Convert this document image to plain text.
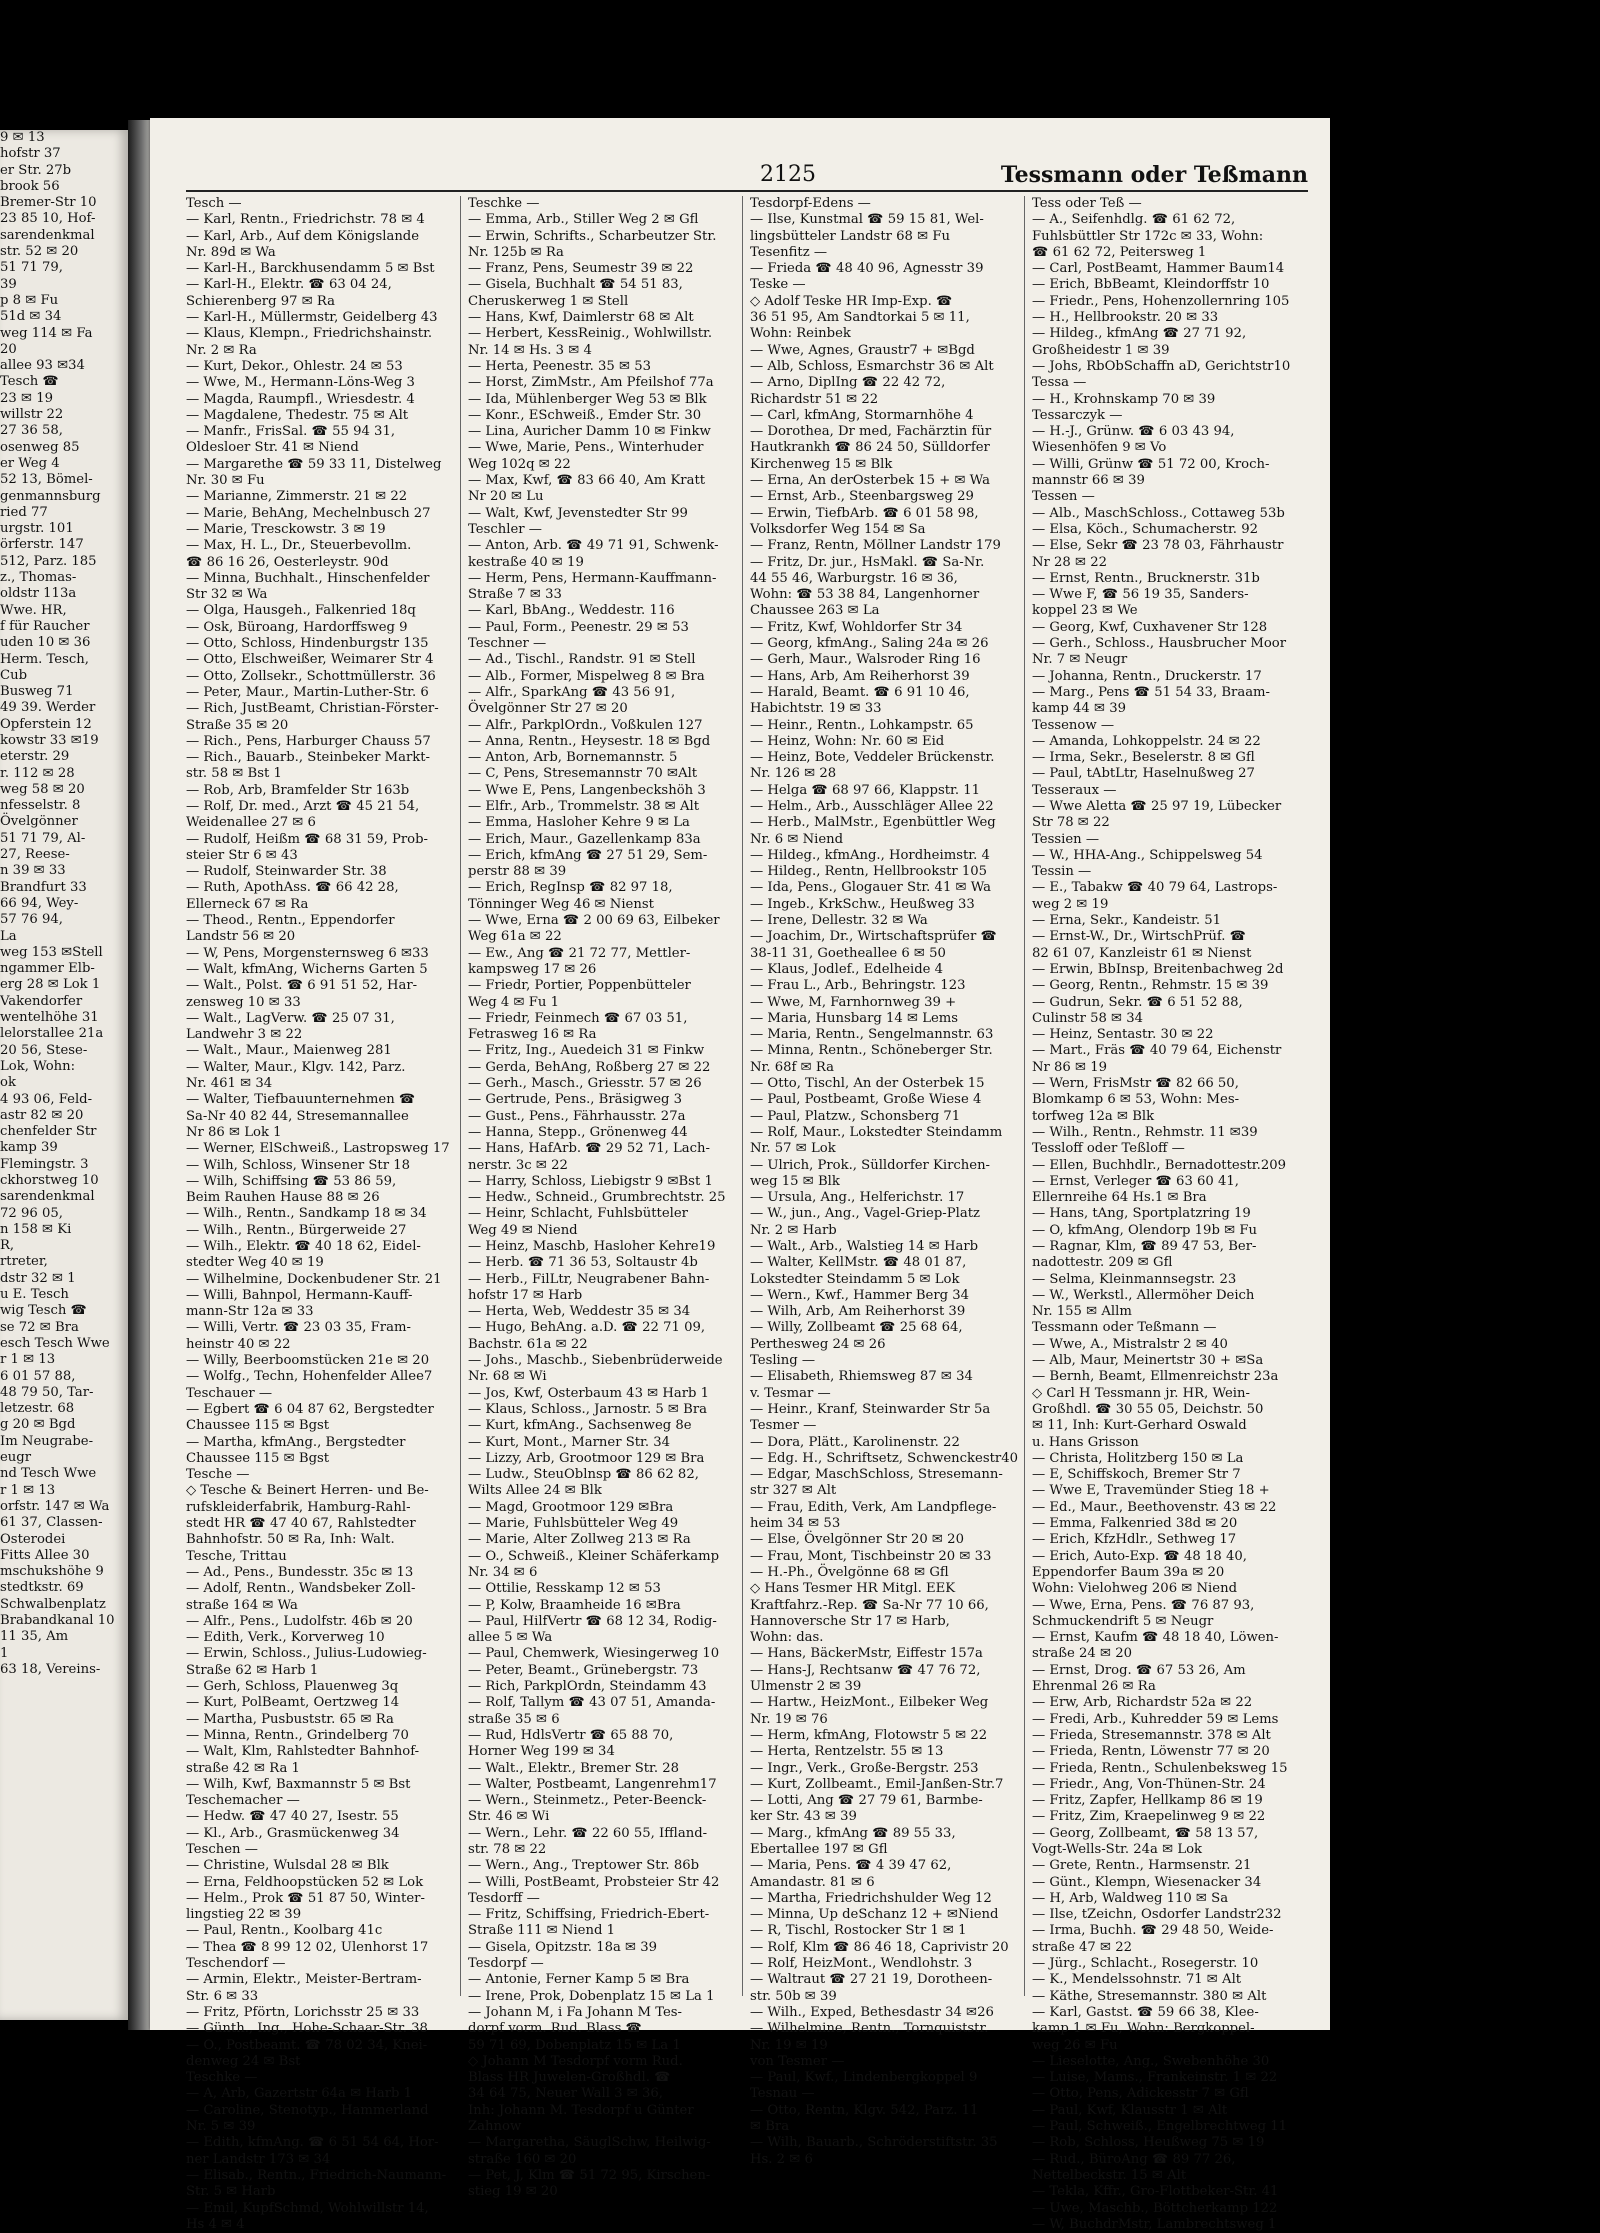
9 ✉ 13
hofstr 37
er Str. 27b
brook 56
Bremer-Str 10
23 85 10, Hof-
sarendenkmal
str. 52 ✉ 20
51 71 79,
39
p 8 ✉ Fu
51d ✉ 34
weg 114 ✉ Fa
20
allee 93 ✉34
Tesch ☎
23 ✉ 19
willstr 22
27 36 58,
osenweg 85
er Weg 4
52 13, Bömel-
genmannsburg
ried 77
urgstr. 101
örferstr. 147
512, Parz. 185
z., Thomas-
oldstr 113a
Wwe. HR,
f für Raucher
uden 10 ✉ 36
Herm. Tesch,
Cub
Busweg 71
49 39. Werder
Opferstein 12
kowstr 33 ✉19
eterstr. 29
r. 112 ✉ 28
weg 58 ✉ 20
nfesselstr. 8
Övelgönner
51 71 79, Al-
27, Reese-
n 39 ✉ 33
Brandfurt 33
66 94, Wey-
57 76 94,
La
weg 153 ✉Stell
ngammer Elb-
erg 28 ✉ Lok 1
Vakendorfer
wentelhöhe 31
lelorstallee 21a
20 56, Stese-
Lok, Wohn:
ok
4 93 06, Feld-
astr 82 ✉ 20
chenfelder Str
kamp 39
Flemingstr. 3
ckhorstweg 10
sarendenkmal
72 96 05,
n 158 ✉ Ki
R,
rtreter,
dstr 32 ✉ 1
u E. Tesch
wig Tesch ☎
se 72 ✉ Bra
esch Tesch Wwe
r 1 ✉ 13
6 01 57 88,
48 79 50, Tar-
letzestr. 68
g 20 ✉ Bgd
Im Neugrabe-
eugr
nd Tesch Wwe
r 1 ✉ 13
orfstr. 147 ✉ Wa
61 37, Classen-
Osterodei
Fitts Allee 30
mschukshöhe 9
stedtkstr. 69
Schwalbenplatz
Brabandkanal 10
11 35, Am
1
63 18, Vereins-
2125	Tessmann oder Teßmann
Tesch —
— Karl, Rentn., Friedrichstr. 78 ✉ 4
— Karl, Arb., Auf dem Königslande
Nr. 89d ✉ Wa
— Karl-H., Barckhusendamm 5 ✉ Bst
— Karl-H., Elektr. ☎ 63 04 24,
Schierenberg 97 ✉ Ra
— Karl-H., Müllermstr, Geidelberg 43
— Klaus, Klempn., Friedrichshainstr.
Nr. 2 ✉ Ra
— Kurt, Dekor., Ohlestr. 24 ✉ 53
— Wwe, M., Hermann-Löns-Weg 3
— Magda, Raumpfl., Wriesdestr. 4
— Magdalene, Thedestr. 75 ✉ Alt
— Manfr., FrisSal. ☎ 55 94 31,
Oldesloer Str. 41 ✉ Niend
— Margarethe ☎ 59 33 11, Distelweg
Nr. 30 ✉ Fu
— Marianne, Zimmerstr. 21 ✉ 22
— Marie, BehAng, Mechelnbusch 27
— Marie, Tresckowstr. 3 ✉ 19
— Max, H. L., Dr., Steuerbevollm.
☎ 86 16 26, Oesterleystr. 90d
— Minna, Buchhalt., Hinschenfelder
Str 32 ✉ Wa
— Olga, Hausgeh., Falkenried 18q
— Osk, Büroang, Hardorffsweg 9
— Otto, Schloss, Hindenburgstr 135
— Otto, Elschweißer, Weimarer Str 4
— Otto, Zollsekr., Schottmüllerstr. 36
— Peter, Maur., Martin-Luther-Str. 6
— Rich, JustBeamt, Christian-Förster-
Straße 35 ✉ 20
— Rich., Pens, Harburger Chauss 57
— Rich., Bauarb., Steinbeker Markt-
str. 58 ✉ Bst 1
— Rob, Arb, Bramfelder Str 163b
— Rolf, Dr. med., Arzt ☎ 45 21 54,
Weidenallee 27 ✉ 6
— Rudolf, Heißm ☎ 68 31 59, Prob-
steier Str 6 ✉ 43
— Rudolf, Steinwarder Str. 38
— Ruth, ApothAss. ☎ 66 42 28,
Ellerneck 67 ✉ Ra
— Theod., Rentn., Eppendorfer
Landstr 56 ✉ 20
— W, Pens, Morgensternsweg 6 ✉33
— Walt, kfmAng, Wicherns Garten 5
— Walt., Polst. ☎ 6 91 51 52, Har-
zensweg 10 ✉ 33
— Walt., LagVerw. ☎ 25 07 31,
Landwehr 3 ✉ 22
— Walt., Maur., Maienweg 281
— Walter, Maur., Klgv. 142, Parz.
Nr. 461 ✉ 34
— Walter, Tiefbauunternehmen ☎
Sa-Nr 40 82 44, Stresemannallee
Nr 86 ✉ Lok 1
— Werner, ElSchweiß., Lastropsweg 17
— Wilh, Schloss, Winsener Str 18
— Wilh, Schiffsing ☎ 53 86 59,
Beim Rauhen Hause 88 ✉ 26
— Wilh., Rentn., Sandkamp 18 ✉ 34
— Wilh., Rentn., Bürgerweide 27
— Wilh., Elektr. ☎ 40 18 62, Eidel-
stedter Weg 40 ✉ 19
— Wilhelmine, Dockenbudener Str. 21
— Willi, Bahnpol, Hermann-Kauff-
mann-Str 12a ✉ 33
— Willi, Vertr. ☎ 23 03 35, Fram-
heinstr 40 ✉ 22
— Willy, Beerboomstücken 21e ✉ 20
— Wolfg., Techn, Hohenfelder Allee7
Teschauer —
— Egbert ☎ 6 04 87 62, Bergstedter
Chaussee 115 ✉ Bgst
— Martha, kfmAng., Bergstedter
Chaussee 115 ✉ Bgst
Tesche —
◇ Tesche & Beinert Herren- und Be-
rufskleiderfabrik, Hamburg-Rahl-
stedt HR ☎ 47 40 67, Rahlstedter
Bahnhofstr. 50 ✉ Ra, Inh: Walt.
Tesche, Trittau
— Ad., Pens., Bundesstr. 35c ✉ 13
— Adolf, Rentn., Wandsbeker Zoll-
straße 164 ✉ Wa
— Alfr., Pens., Ludolfstr. 46b ✉ 20
— Edith, Verk., Korverweg 10
— Erwin, Schloss., Julius-Ludowieg-
Straße 62 ✉ Harb 1
— Gerh, Schloss, Plauenweg 3q
— Kurt, PolBeamt, Oertzweg 14
— Martha, Pusbuststr. 65 ✉ Ra
— Minna, Rentn., Grindelberg 70
— Walt, Klm, Rahlstedter Bahnhof-
straße 42 ✉ Ra 1
— Wilh, Kwf, Baxmannstr 5 ✉ Bst
Teschemacher —
— Hedw. ☎ 47 40 27, Isestr. 55
— Kl., Arb., Grasmückenweg 34
Teschen —
— Christine, Wulsdal 28 ✉ Blk
— Erna, Feldhoopstücken 52 ✉ Lok
— Helm., Prok ☎ 51 87 50, Winter-
lingstieg 22 ✉ 39
— Paul, Rentn., Koolbarg 41c
— Thea ☎ 8 99 12 02, Ulenhorst 17
Teschendorf —
— Armin, Elektr., Meister-Bertram-
Str. 6 ✉ 33
— Fritz, Pförtn, Lorichsstr 25 ✉ 33
— Günth., Ing., Hohe-Schaar-Str. 38
— O., Postbeamt. ☎ 78 02 34, Knei-
denweg 24 ✉ Bst
Teschke —
— A, Arb, Gazertstr 64a ✉ Harb 1
— Caroline, Stenotyp., Hammerland
Nr. 5 ✉ 39
— Edith, kfmAng. ☎ 6 51 54 64, Hor-
ner Landstr 173 ✉ 34
— Elisab., Rentn., Friedrich-Naumann-
Str. 5 ✉ Harb
— Emil, KupfSchmd, Wohlwillstr 14,
Hs 4 ✉ 4
Teschke —
— Emma, Arb., Stiller Weg 2 ✉ Gfl
— Erwin, Schrifts., Scharbeutzer Str.
Nr. 125b ✉ Ra
— Franz, Pens, Seumestr 39 ✉ 22
— Gisela, Buchhalt ☎ 54 51 83,
Cheruskerweg 1 ✉ Stell
— Hans, Kwf, Daimlerstr 68 ✉ Alt
— Herbert, KessReinig., Wohlwillstr.
Nr. 14 ✉ Hs. 3 ✉ 4
— Herta, Peenestr. 35 ✉ 53
— Horst, ZimMstr., Am Pfeilshof 77a
— Ida, Mühlenberger Weg 53 ✉ Blk
— Konr., ESchweiß., Emder Str. 30
— Lina, Auricher Damm 10 ✉ Finkw
— Wwe, Marie, Pens., Winterhuder
Weg 102q ✉ 22
— Max, Kwf, ☎ 83 66 40, Am Kratt
Nr 20 ✉ Lu
— Walt, Kwf, Jevenstedter Str 99
Teschler —
— Anton, Arb. ☎ 49 71 91, Schwenk-
kestraße 40 ✉ 19
— Herm, Pens, Hermann-Kauffmann-
Straße 7 ✉ 33
— Karl, BbAng., Weddestr. 116
— Paul, Form., Peenestr. 29 ✉ 53
Teschner —
— Ad., Tischl., Randstr. 91 ✉ Stell
— Alb., Former, Mispelweg 8 ✉ Bra
— Alfr., SparkAng ☎ 43 56 91,
Övelgönner Str 27 ✉ 20
— Alfr., ParkplOrdn., Voßkulen 127
— Anna, Rentn., Heysestr. 18 ✉ Bgd
— Anton, Arb, Bornemannstr. 5
— C, Pens, Stresemannstr 70 ✉Alt
— Wwe E, Pens, Langenbeckshöh 3
— Elfr., Arb., Trommelstr. 38 ✉ Alt
— Emma, Hasloher Kehre 9 ✉ La
— Erich, Maur., Gazellenkamp 83a
— Erich, kfmAng ☎ 27 51 29, Sem-
perstr 88 ✉ 39
— Erich, RegInsp ☎ 82 97 18,
Tönninger Weg 46 ✉ Nienst
— Wwe, Erna ☎ 2 00 69 63, Eilbeker
Weg 61a ✉ 22
— Ew., Ang ☎ 21 72 77, Mettler-
kampsweg 17 ✉ 26
— Friedr, Portier, Poppenbütteler
Weg 4 ✉ Fu 1
— Friedr, Feinmech ☎ 67 03 51,
Fetrasweg 16 ✉ Ra
— Fritz, Ing., Auedeich 31 ✉ Finkw
— Gerda, BehAng, Roßberg 27 ✉ 22
— Gerh., Masch., Griesstr. 57 ✉ 26
— Gertrude, Pens., Bräsigweg 3
— Gust., Pens., Fährhausstr. 27a
— Hanna, Stepp., Grönenweg 44
— Hans, HafArb. ☎ 29 52 71, Lach-
nerstr. 3c ✉ 22
— Harry, Schloss, Liebigstr 9 ✉Bst 1
— Hedw., Schneid., Grumbrechtstr. 25
— Heinr, Schlacht, Fuhlsbütteler
Weg 49 ✉ Niend
— Heinz, Maschb, Hasloher Kehre19
— Herb. ☎ 71 36 53, Soltaustr 4b
— Herb., FilLtr, Neugrabener Bahn-
hofstr 17 ✉ Harb
— Herta, Web, Weddestr 35 ✉ 34
— Hugo, BehAng. a.D. ☎ 22 71 09,
Bachstr. 61a ✉ 22
— Johs., Maschb., Siebenbrüderweide
Nr. 68 ✉ Wi
— Jos, Kwf, Osterbaum 43 ✉ Harb 1
— Klaus, Schloss., Jarnostr. 5 ✉ Bra
— Kurt, kfmAng., Sachsenweg 8e
— Kurt, Mont., Marner Str. 34
— Lizzy, Arb, Grootmoor 129 ✉ Bra
— Ludw., SteuOblnsp ☎ 86 62 82,
Wilts Allee 24 ✉ Blk
— Magd, Grootmoor 129 ✉Bra
— Marie, Fuhlsbütteler Weg 49
— Marie, Alter Zollweg 213 ✉ Ra
— O., Schweiß., Kleiner Schäferkamp
Nr. 34 ✉ 6
— Ottilie, Resskamp 12 ✉ 53
— P, Kolw, Braamheide 16 ✉Bra
— Paul, HilfVertr ☎ 68 12 34, Rodig-
allee 5 ✉ Wa
— Paul, Chemwerk, Wiesingerweg 10
— Peter, Beamt., Grünebergstr. 73
— Rich, ParkplOrdn, Steindamm 43
— Rolf, Tallym ☎ 43 07 51, Amanda-
straße 35 ✉ 6
— Rud, HdlsVertr ☎ 65 88 70,
Horner Weg 199 ✉ 34
— Walt., Elektr., Bremer Str. 28
— Walter, Postbeamt, Langenrehm17
— Wern., Steinmetz., Peter-Beenck-
Str. 46 ✉ Wi
— Wern., Lehr. ☎ 22 60 55, Iffland-
str. 78 ✉ 22
— Wern., Ang., Treptower Str. 86b
— Willi, PostBeamt, Probsteier Str 42
Tesdorff —
— Fritz, Schiffsing, Friedrich-Ebert-
Straße 111 ✉ Niend 1
— Gisela, Opitzstr. 18a ✉ 39
Tesdorpf —
— Antonie, Ferner Kamp 5 ✉ Bra
— Irene, Prok, Dobenplatz 15 ✉ La 1
— Johann M, i Fa Johann M Tes-
dorpf vorm. Rud. Blass ☎
59 71 69, Dobenplatz 15 ✉ La 1
◇ Johann M Tesdorpf vorm Rud.
Blass HR Juwelen-Großhdl. ☎
34 64 75, Neuer Wall 3 ✉ 36,
Inh: Johann M. Tesdorpf u Günter
Zahnow
— Margaretha, SäuglSchw, Heilwig-
straße 160 ✉ 20
— Pet, J, Klm ☎ 51 72 95, Kirschen-
stieg 19 ✉ 20
Tesdorpf-Edens —
— Ilse, Kunstmal ☎ 59 15 81, Wel-
lingsbütteler Landstr 68 ✉ Fu
Tesenfitz —
— Frieda ☎ 48 40 96, Agnesstr 39
Teske —
◇ Adolf Teske HR Imp-Exp. ☎
36 51 95, Am Sandtorkai 5 ✉ 11,
Wohn: Reinbek
— Wwe, Agnes, Graustr7 + ✉Bgd
— Alb, Schloss, Esmarchstr 36 ✉ Alt
— Arno, DiplIng ☎ 22 42 72,
Richardstr 51 ✉ 22
— Carl, kfmAng, Stormarnhöhe 4
— Dorothea, Dr med, Fachärztin für
Hautkrankh ☎ 86 24 50, Sülldorfer
Kirchenweg 15 ✉ Blk
— Erna, An derOsterbek 15 + ✉ Wa
— Ernst, Arb., Steenbargsweg 29
— Erwin, TiefbArb. ☎ 6 01 58 98,
Volksdorfer Weg 154 ✉ Sa
— Franz, Rentn, Möllner Landstr 179
— Fritz, Dr. jur., HsMakl. ☎ Sa-Nr.
44 55 46, Warburgstr. 16 ✉ 36,
Wohn: ☎ 53 38 84, Langenhorner
Chaussee 263 ✉ La
— Fritz, Kwf, Wohldorfer Str 34
— Georg, kfmAng., Saling 24a ✉ 26
— Gerh, Maur., Walsroder Ring 16
— Hans, Arb, Am Reiherhorst 39
— Harald, Beamt. ☎ 6 91 10 46,
Habichtstr. 19 ✉ 33
— Heinr., Rentn., Lohkampstr. 65
— Heinz, Wohn: Nr. 60 ✉ Eid
— Heinz, Bote, Veddeler Brückenstr.
Nr. 126 ✉ 28
— Helga ☎ 68 97 66, Klappstr. 11
— Helm., Arb., Ausschläger Allee 22
— Herb., MalMstr., Egenbüttler Weg
Nr. 6 ✉ Niend
— Hildeg., kfmAng., Hordheimstr. 4
— Hildeg., Rentn, Hellbrookstr 105
— Ida, Pens., Glogauer Str. 41 ✉ Wa
— Ingeb., KrkSchw., Heußweg 33
— Irene, Dellestr. 32 ✉ Wa
— Joachim, Dr., Wirtschaftsprüfer ☎
38-11 31, Goetheallee 6 ✉ 50
— Klaus, Jodlef., Edelheide 4
— Frau L., Arb., Behringstr. 123
— Wwe, M, Farnhornweg 39 +
— Maria, Hunsbarg 14 ✉ Lems
— Maria, Rentn., Sengelmannstr. 63
— Minna, Rentn., Schöneberger Str.
Nr. 68f ✉ Ra
— Otto, Tischl, An der Osterbek 15
— Paul, Postbeamt, Große Wiese 4
— Paul, Platzw., Schonsberg 71
— Rolf, Maur., Lokstedter Steindamm
Nr. 57 ✉ Lok
— Ulrich, Prok., Sülldorfer Kirchen-
weg 15 ✉ Blk
— Ursula, Ang., Helferichstr. 17
— W., jun., Ang., Vagel-Griep-Platz
Nr. 2 ✉ Harb
— Walt., Arb., Walstieg 14 ✉ Harb
— Walter, KellMstr. ☎ 48 01 87,
Lokstedter Steindamm 5 ✉ Lok
— Wern., Kwf., Hammer Berg 34
— Wilh, Arb, Am Reiherhorst 39
— Willy, Zollbeamt ☎ 25 68 64,
Perthesweg 24 ✉ 26
Tesling —
— Elisabeth, Rhiemsweg 87 ✉ 34
v. Tesmar —
— Heinr., Kranf, Steinwarder Str 5a
Tesmer —
— Dora, Plätt., Karolinenstr. 22
— Edg. H., Schriftsetz, Schwenckestr40
— Edgar, MaschSchloss, Stresemann-
str 327 ✉ Alt
— Frau, Edith, Verk, Am Landpflege-
heim 34 ✉ 53
— Else, Övelgönner Str 20 ✉ 20
— Frau, Mont, Tischbeinstr 20 ✉ 33
— H.-Ph., Övelgönne 68 ✉ Gfl
◇ Hans Tesmer HR Mitgl. EEK
Kraftfahrz.-Rep. ☎ Sa-Nr 77 10 66,
Hannoversche Str 17 ✉ Harb,
Wohn: das.
— Hans, BäckerMstr, Eiffestr 157a
— Hans-J, Rechtsanw ☎ 47 76 72,
Ulmenstr 2 ✉ 39
— Hartw., HeizMont., Eilbeker Weg
Nr. 19 ✉ 76
— Herm, kfmAng, Flotowstr 5 ✉ 22
— Herta, Rentzelstr. 55 ✉ 13
— Ingr., Verk., Große-Bergstr. 253
— Kurt, Zollbeamt., Emil-Janßen-Str.7
— Lotti, Ang ☎ 27 79 61, Barmbe-
ker Str. 43 ✉ 39
— Marg., kfmAng ☎ 89 55 33,
Ebertallee 197 ✉ Gfl
— Maria, Pens. ☎ 4 39 47 62,
Amandastr. 81 ✉ 6
— Martha, Friedrichshulder Weg 12
— Minna, Up deSchanz 12 + ✉Niend
— R, Tischl, Rostocker Str 1 ✉ 1
— Rolf, Klm ☎ 86 46 18, Caprivistr 20
— Rolf, HeizMont., Wendlohstr. 3
— Waltraut ☎ 27 21 19, Dorotheen-
str. 50b ✉ 39
— Wilh., Exped, Bethesdastr 34 ✉26
— Wilhelmine, Rentn., Tornquiststr.
Nr. 19 ✉ 19
von Tesmer —
— Paul, Kwf., Lindenbergkoppel 9
Tesnau —
— Otto, Rentn, Klgv. 542, Parz. 11
✉ Bra
— Wilh, Bauarb., Schröderstiftstr. 35
Hs. 2 ✉ 6
Tess oder Teß —
— A., Seifenhdlg. ☎ 61 62 72,
Fuhlsbüttler Str 172c ✉ 33, Wohn:
☎ 61 62 72, Peitersweg 1
— Carl, PostBeamt, Hammer Baum14
— Erich, BbBeamt, Kleindorffstr 10
— Friedr., Pens, Hohenzollernring 105
— H., Hellbrookstr. 20 ✉ 33
— Hildeg., kfmAng ☎ 27 71 92,
Großheidestr 1 ✉ 39
— Johs, RbObSchaffn aD, Gerichtstr10
Tessa —
— H., Krohnskamp 70 ✉ 39
Tessarczyk —
— H.-J., Grünw. ☎ 6 03 43 94,
Wiesenhöfen 9 ✉ Vo
— Willi, Grünw ☎ 51 72 00, Kroch-
mannstr 66 ✉ 39
Tessen —
— Alb., MaschSchloss., Cottaweg 53b
— Elsa, Köch., Schumacherstr. 92
— Else, Sekr ☎ 23 78 03, Fährhaustr
Nr 28 ✉ 22
— Ernst, Rentn., Brucknerstr. 31b
— Wwe F, ☎ 56 19 35, Sanders-
koppel 23 ✉ We
— Georg, Kwf, Cuxhavener Str 128
— Gerh., Schloss., Hausbrucher Moor
Nr. 7 ✉ Neugr
— Johanna, Rentn., Druckerstr. 17
— Marg., Pens ☎ 51 54 33, Braam-
kamp 44 ✉ 39
Tessenow —
— Amanda, Lohkoppelstr. 24 ✉ 22
— Irma, Sekr., Beselerstr. 8 ✉ Gfl
— Paul, tAbtLtr, Haselnußweg 27
Tesseraux —
— Wwe Aletta ☎ 25 97 19, Lübecker
Str 78 ✉ 22
Tessien —
— W., HHA-Ang., Schippelsweg 54
Tessin —
— E., Tabakw ☎ 40 79 64, Lastrops-
weg 2 ✉ 19
— Erna, Sekr., Kandeistr. 51
— Ernst-W., Dr., WirtschPrüf. ☎
82 61 07, Kanzleistr 61 ✉ Nienst
— Erwin, BbInsp, Breitenbachweg 2d
— Georg, Rentn., Rehmstr. 15 ✉ 39
— Gudrun, Sekr. ☎ 6 51 52 88,
Culinstr 58 ✉ 34
— Heinz, Sentastr. 30 ✉ 22
— Mart., Fräs ☎ 40 79 64, Eichenstr
Nr 86 ✉ 19
— Wern, FrisMstr ☎ 82 66 50,
Blomkamp 6 ✉ 53, Wohn: Mes-
torfweg 12a ✉ Blk
— Wilh., Rentn., Rehmstr. 11 ✉39
Tessloff oder Teßloff —
— Ellen, Buchhdlr., Bernadottestr.209
— Ernst, Verleger ☎ 63 60 41,
Ellernreihe 64 Hs.1 ✉ Bra
— Hans, tAng, Sportplatzring 19
— O, kfmAng, Olendorp 19b ✉ Fu
— Ragnar, Klm, ☎ 89 47 53, Ber-
nadottestr. 209 ✉ Gfl
— Selma, Kleinmannsegstr. 23
— W., Werkstl., Allermöher Deich
Nr. 155 ✉ Allm
Tessmann oder Teßmann —
— Wwe, A., Mistralstr 2 ✉ 40
— Alb, Maur, Meinertstr 30 + ✉Sa
— Bernh, Beamt, Ellmenreichstr 23a
◇ Carl H Tessmann jr. HR, Wein-
Großhdl. ☎ 30 55 05, Deichstr. 50
✉ 11, Inh: Kurt-Gerhard Oswald
u. Hans Grisson
— Christa, Holitzberg 150 ✉ La
— E, Schiffskoch, Bremer Str 7
— Wwe E, Travemünder Stieg 18 +
— Ed., Maur., Beethovenstr. 43 ✉ 22
— Emma, Falkenried 38d ✉ 20
— Erich, KfzHdlr., Sethweg 17
— Erich, Auto-Exp. ☎ 48 18 40,
Eppendorfer Baum 39a ✉ 20
Wohn: Vielohweg 206 ✉ Niend
— Wwe, Erna, Pens. ☎ 76 87 93,
Schmuckendrift 5 ✉ Neugr
— Ernst, Kaufm ☎ 48 18 40, Löwen-
straße 24 ✉ 20
— Ernst, Drog. ☎ 67 53 26, Am
Ehrenmal 26 ✉ Ra
— Erw, Arb, Richardstr 52a ✉ 22
— Fredi, Arb., Kuhredder 59 ✉ Lems
— Frieda, Stresemannstr. 378 ✉ Alt
— Frieda, Rentn, Löwenstr 77 ✉ 20
— Frieda, Rentn., Schulenbeksweg 15
— Friedr., Ang, Von-Thünen-Str. 24
— Fritz, Zapfer, Hellkamp 86 ✉ 19
— Fritz, Zim, Kraepelinweg 9 ✉ 22
— Georg, Zollbeamt, ☎ 58 13 57,
Vogt-Wells-Str. 24a ✉ Lok
— Grete, Rentn., Harmsenstr. 21
— Günt., Klempn, Wiesenacker 34
— H, Arb, Waldweg 110 ✉ Sa
— Ilse, tZeichn, Osdorfer Landstr232
— Irma, Buchh. ☎ 29 48 50, Weide-
straße 47 ✉ 22
— Jürg., Schlacht., Rosegerstr. 10
— K., Mendelssohnstr. 71 ✉ Alt
— Käthe, Stresemannstr. 380 ✉ Alt
— Karl, Gastst. ☎ 59 66 38, Klee-
kamp 1 ✉ Fu, Wohn: Bergkoppel-
weg 26 ✉ Fu
— Lieselotte, Ang., Swebenhöhe 30
— Luise, Mams., Frankeinstr. 1 ✉ 22
— Otto, Pens, Adickesstr 7 ✉ Gfl
— Paul, Kwf, Klausstr 1 ✉ Alt
— Paul, Schweiß., Engelbrechtweg 11
— Rob, Schloss, Heußweg 75 ✉ 19
— Rud., BüroAng ☎ 89 77 26,
Nettelbeckstr. 15 ✉ Alt
— Tekla, Kffr., Gro-Flottbeker-Str. 41
— Uwe, Maschb., Böttcherkamp 122
— W, BuchdrMstr, Lambrechtsweg 1
